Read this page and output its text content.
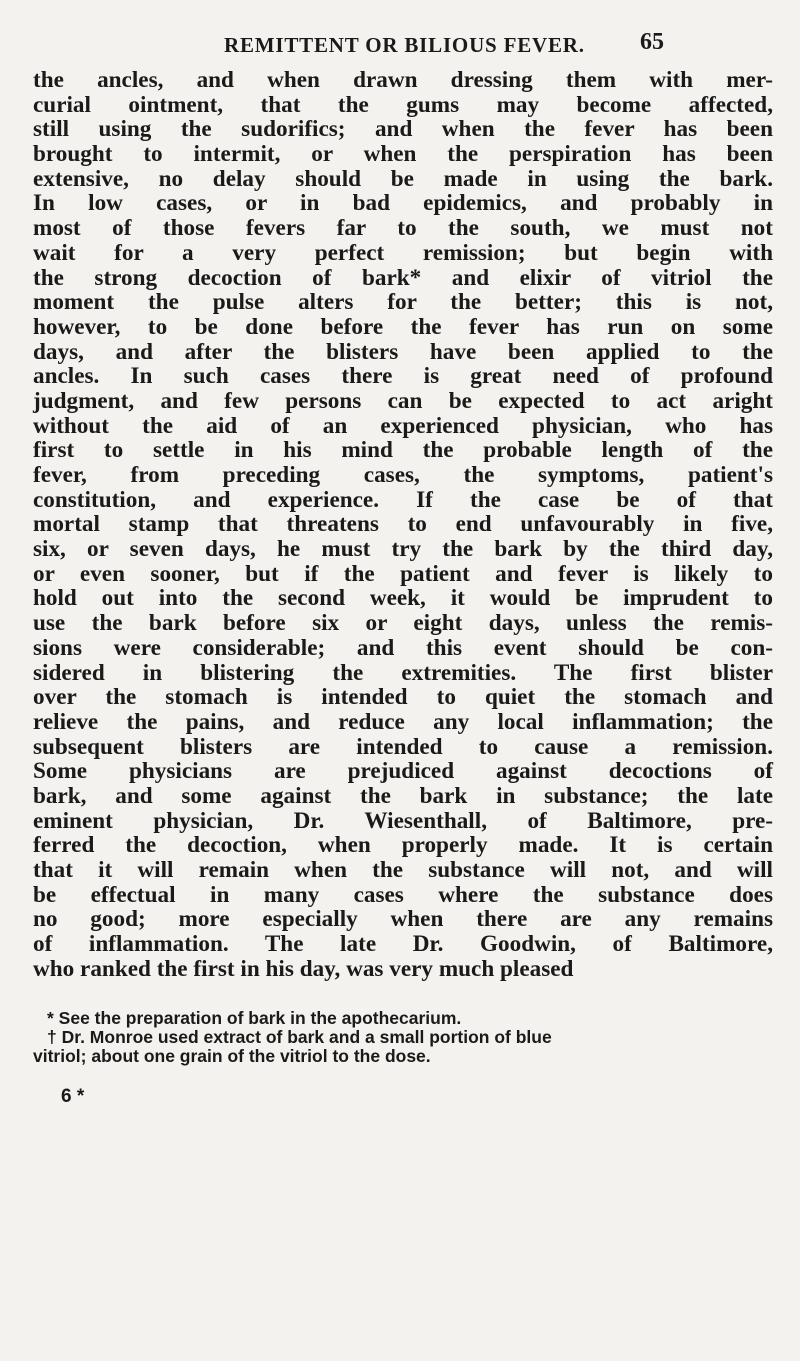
REMITTENT OR BILIOUS FEVER. 65
the ancles, and when drawn dressing them with mer-
curial ointment, that the gums may become affected,
still using the sudorifics; and when the fever has been
brought to intermit, or when the perspiration has been
extensive, no delay should be made in using the bark.
In low cases, or in bad epidemics, and probably in
most of those fevers far to the south, we must not
wait for a very perfect remission; but begin with
the strong decoction of bark* and elixir of vitriol the
moment the pulse alters for the better; this is not,
however, to be done before the fever has run on some
days, and after the blisters have been applied to the
ancles. In such cases there is great need of profound
judgment, and few persons can be expected to act aright
without the aid of an experienced physician, who has
first to settle in his mind the probable length of the
fever, from preceding cases, the symptoms, patient's
constitution, and experience. If the case be of that
mortal stamp that threatens to end unfavourably in five,
six, or seven days, he must try the bark by the third day,
or even sooner, but if the patient and fever is likely to
hold out into the second week, it would be imprudent to
use the bark before six or eight days, unless the remis-
sions were considerable; and this event should be con-
sidered in blistering the extremities. The first blister
over the stomach is intended to quiet the stomach and
relieve the pains, and reduce any local inflammation; the
subsequent blisters are intended to cause a remission.
Some physicians are prejudiced against decoctions of
bark, and some against the bark in substance; the late
eminent physician, Dr. Wiesenthall, of Baltimore, pre-
ferred the decoction, when properly made. It is certain
that it will remain when the substance will not, and will
be effectual in many cases where the substance does
no good; more especially when there are any remains
of inflammation. The late Dr. Goodwin, of Baltimore,
who ranked the first in his day, was very much pleased
* See the preparation of bark in the apothecarium.
† Dr. Monroe used extract of bark and a small portion of blue
vitriol; about one grain of the vitriol to the dose.
6 *
